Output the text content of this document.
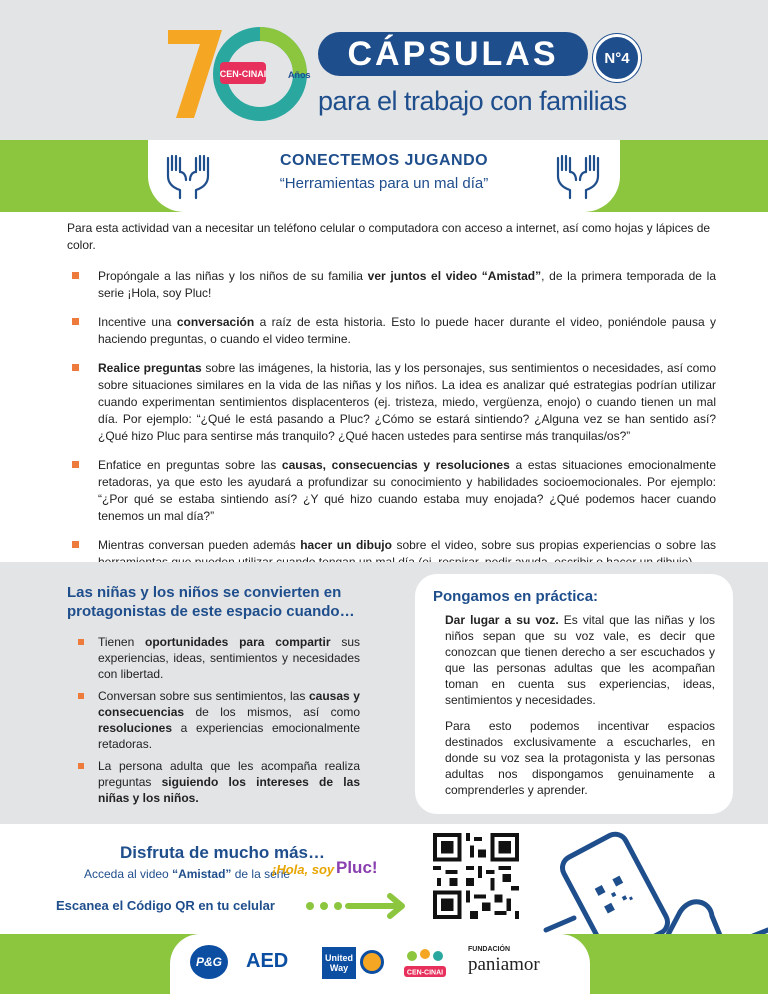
CEN-CINAI Años
70	CÁPSULAS	N°4
para el trabajo con familias
CONECTEMOS JUGANDO
“Herramientas para un mal día”

Para esta actividad van a necesitar un teléfono celular o computadora con acceso a internet, así como hojas y lápices de color.

Propóngale a las niñas y los niños de su familia ver juntos el video “Amistad”, de la primera temporada de la serie ¡Hola, soy Pluc!
Incentive una conversación a raíz de esta historia. Esto lo puede hacer durante el video, poniéndole pausa y haciendo preguntas, o cuando el video termine.
Realice preguntas sobre las imágenes, la historia, las y los personajes, sus sentimientos o necesidades, así como sobre situaciones similares en la vida de las niñas y los niños. La idea es analizar qué estrategias podrían utilizar cuando experimentan sentimientos displacenteros (ej. tristeza, miedo, vergüenza, enojo) o cuando tienen un mal día. Por ejemplo: “¿Qué le está pasando a Pluc? ¿Cómo se estará sintiendo? ¿Alguna vez se han sentido así? ¿Qué hizo Pluc para sentirse más tranquilo? ¿Qué hacen ustedes para sentirse más tranquilas/os?”
Enfatice en preguntas sobre las causas, consecuencias y resoluciones a estas situaciones emocionalmente retadoras, ya que esto les ayudará a profundizar su conocimiento y habilidades socioemocionales. Por ejemplo: “¿Por qué se estaba sintiendo así? ¿Y qué hizo cuando estaba muy enojada? ¿Qué podemos hacer cuando tenemos un mal día?”
Mientras conversan pueden además hacer un dibujo sobre el video, sobre sus propias experiencias o sobre las
Las niñas y los niños se convierten en protagonistas de este espacio cuando…
Tienen oportunidades para compartir sus experiencias, ideas, sentimientos y necesidades con libertad.
Conversan sobre sus sentimientos, las causas y consecuencias de los mismos, así como resoluciones a experiencias emocionalmente retadoras.
La persona adulta que les acompaña realiza preguntas siguiendo los intereses de las niñas y los niños.
Pongamos en práctica:

Dar lugar a su voz. Es vital que las niñas y los niños sepan que su voz vale, es decir que conozcan que tienen derecho a ser escuchados y que las personas adultas que les acompañan toman en cuenta sus experiencias, ideas, sentimientos y necesidades.

Para esto podemos incentivar espacios destinados exclusivamente a escucharles, en donde su voz sea la protagonista y las personas adultas nos dispongamos genuinamente a comprenderles y aprender.

Disfruta de mucho más…
Acceda al video “Amistad” de la serie
¡Hola, soy Pluc!
Escanea el Código QR en tu celular
P&G	AED	United
Way	CEN-CINAI
FUNDACIÓN
paniamor
